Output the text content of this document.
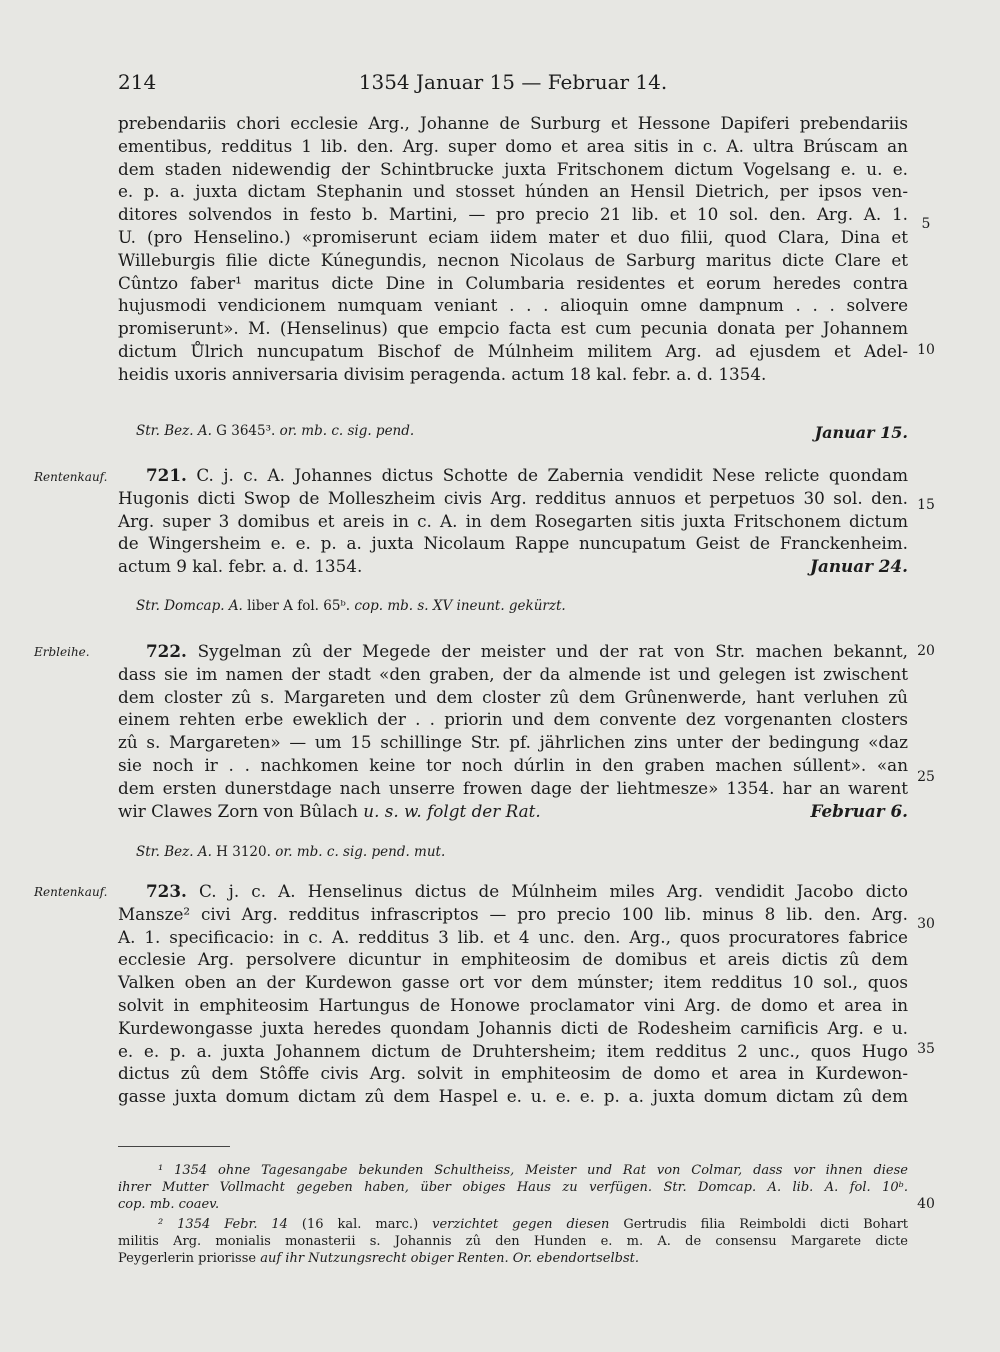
214	1354 Januar 15 — Februar 14.
prebendariis chori ecclesie Arg., Johanne de Surburg et Hessone Dapiferi prebendariis
ementibus, redditus 1 lib. den. Arg. super domo et area sitis in c. A. ultra Brúscam an
dem staden nidewendig der Schintbrucke juxta Fritschonem dictum Vogelsang e. u. e.
e. p. a. juxta dictam Stephanin und stosset húnden an Hensil Dietrich, per ipsos ven-
ditores solvendos in festo b. Martini, — pro precio 21 lib. et 10 sol. den. Arg. A. 1.
U. (pro Henselino.) «promiserunt eciam iidem mater et duo filii, quod Clara, Dina et
Willeburgis filie dicte Kúnegundis, necnon Nicolaus de Sarburg maritus dicte Clare et
Cûntzo faber¹ maritus dicte Dine in Columbaria residentes et eorum heredes contra
hujusmodi vendicionem numquam veniant . . . alioquin omne dampnum . . . solvere
promiserunt». M. (Henselinus) que empcio facta est cum pecunia donata per Johannem
dictum Ůlrich nuncupatum Bischof de Múlnheim militem Arg. ad ejusdem et Adel-
heidis uxoris anniversaria divisim peragenda. actum 18 kal. febr. a. d. 1354.
Str. Bez. A. G 3645³. or. mb. c. sig. pend.	Januar 15.
Rentenkauf.	721. C. j. c. A. Johannes dictus Schotte de Zabernia vendidit Nese relicte quondam
Hugonis dicti Swop de Molleszheim civis Arg. redditus annuos et perpetuos 30 sol. den.
Arg. super 3 domibus et areis in c. A. in dem Rosegarten sitis juxta Fritschonem dictum
de Wingersheim e. e. p. a. juxta Nicolaum Rappe nuncupatum Geist de Franckenheim.
actum 9 kal. febr. a. d. 1354.	Januar 24.
Str. Domcap. A. liber A fol. 65ᵇ. cop. mb. s. XV ineunt. gekürzt.
Erbleihe.	722. Sygelman zû der Megede der meister und der rat von Str. machen bekannt,
dass sie im namen der stadt «den graben, der da almende ist und gelegen ist zwischent
dem closter zû s. Margareten und dem closter zû dem Grûnenwerde, hant verluhen zû
einem rehten erbe eweklich der . . priorin und dem convente dez vorgenanten closters
zû s. Margareten» — um 15 schillinge Str. pf. jährlichen zins unter der bedingung «daz
sie noch ir . . nachkomen keine tor noch dúrlin in den graben machen súllent». «an
dem ersten dunerstdage nach unserre frowen dage der liehtmesze» 1354. har an warent
wir Clawes Zorn von Bûlach u. s. w. folgt der Rat.	Februar 6.
Str. Bez. A. H 3120. or. mb. c. sig. pend. mut.
Rentenkauf.	723. C. j. c. A. Henselinus dictus de Múlnheim miles Arg. vendidit Jacobo dicto
Mansze² civi Arg. redditus infrascriptos — pro precio 100 lib. minus 8 lib. den. Arg.
A. 1. specificacio: in c. A. redditus 3 lib. et 4 unc. den. Arg., quos procuratores fabrice
ecclesie Arg. persolvere dicuntur in emphiteosim de domibus et areis dictis zû dem
Valken oben an der Kurdewon gasse ort vor dem múnster; item redditus 10 sol., quos
solvit in emphiteosim Hartungus de Honowe proclamator vini Arg. de domo et area in
Kurdewongasse juxta heredes quondam Johannis dicti de Rodesheim carnificis Arg. e u.
e. e. p. a. juxta Johannem dictum de Druhtersheim; item redditus 2 unc., quos Hugo
dictus zû dem Stôffe civis Arg. solvit in emphiteosim de domo et area in Kurdewon-
gasse juxta domum dictam zû dem Haspel e. u. e. e. p. a. juxta domum dictam zû dem
5
10
15
20
25
30
35
40
¹ 1354 ohne Tagesangabe bekunden Schultheiss, Meister und Rat von Colmar, dass vor ihnen diese
ihrer Mutter Vollmacht gegeben haben, über obiges Haus zu verfügen. Str. Domcap. A. lib. A. fol. 10ᵇ.
cop. mb. coaev.
² 1354 Febr. 14 (16 kal. marc.) verzichtet gegen diesen Gertrudis filia Reimboldi dicti Bohart
militis Arg. monialis monasterii s. Johannis zû den Hunden e. m. A. de consensu Margarete dicte
Peygerlerin priorisse auf ihr Nutzungsrecht obiger Renten. Or. ebendortselbst.
